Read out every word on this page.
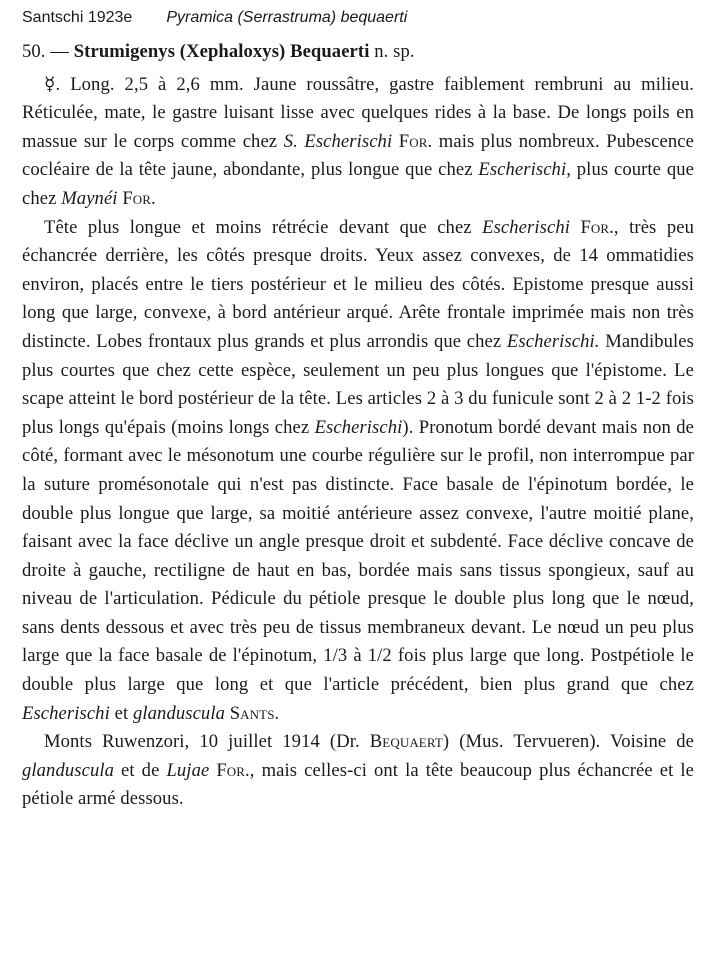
Santschi 1923e Pyramica (Serrastruma) bequaerti
50. — Strumigenys (Xephaloxys) Bequaerti n. sp.

☿. Long. 2,5 à 2,6 mm. Jaune roussâtre, gastre faiblement rembruni au milieu. Réticulée, mate, le gastre luisant lisse avec quelques rides à la base. De longs poils en massue sur le corps comme chez S. Escherischi For. mais plus nombreux. Pubescence cocléaire de la tête jaune, abondante, plus longue que chez Escherischi, plus courte que chez Maynéi For.

Tête plus longue et moins rétrécie devant que chez Escherischi For., très peu échancrée derrière, les côtés presque droits. Yeux assez convexes, de 14 ommatidies environ, placés entre le tiers postérieur et le milieu des côtés. Epistome presque aussi long que large, convexe, à bord antérieur arqué. Arête frontale imprimée mais non très distincte. Lobes frontaux plus grands et plus arrondis que chez Escherischi. Mandibules plus courtes que chez cette espèce, seulement un peu plus longues que l'épistome. Le scape atteint le bord postérieur de la tête. Les articles 2 à 3 du funicule sont 2 à 2 1-2 fois plus longs qu'épais (moins longs chez Escherischi). Pronotum bordé devant mais non de côté, formant avec le mésonotum une courbe régulière sur le profil, non interrompue par la suture promésonotale qui n'est pas distincte. Face basale de l'épinotum bordée, le double plus longue que large, sa moitié antérieure assez convexe, l'autre moitié plane, faisant avec la face déclive un angle presque droit et subdenté. Face déclive concave de droite à gauche, rectiligne de haut en bas, bordée mais sans tissus spongieux, sauf au niveau de l'articulation. Pédicule du pétiole presque le double plus long que le nœud, sans dents dessous et avec très peu de tissus membraneux devant. Le nœud un peu plus large que la face basale de l'épinotum, 1/3 à 1/2 fois plus large que long. Postpétiole le double plus large que long et que l'article précédent, bien plus grand que chez Escherischi et glanduscula Sants.

Monts Ruwenzori, 10 juillet 1914 (Dr. Bequaert) (Mus. Tervueren). Voisine de glanduscula et de Lujae For., mais celles-ci ont la tête beaucoup plus échancrée et le pétiole armé dessous.
